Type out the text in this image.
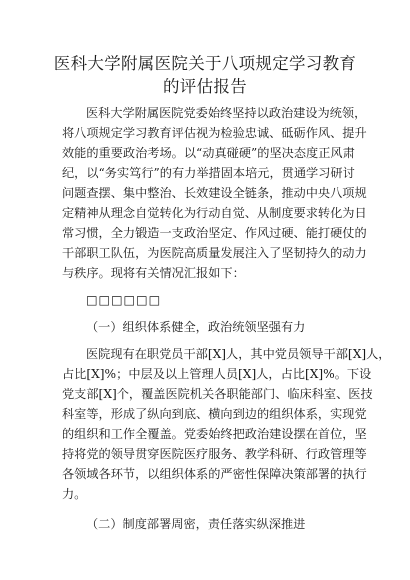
医科大学附属医院关于八项规定学习教育
的评估报告

医科大学附属医院党委始终坚持以政治建设为统领，

将八项规定学习教育评估视为检验忠诚、砥砺作风、提升

效能的重要政治考场。以“动真碰硬”的坚决态度正风肃

纪，以“务实笃行”的有力举措固本培元，贯通学习研讨

问题查摆、集中整治、长效建设全链条，推动中央八项规

定精神从理念自觉转化为行动自觉、从制度要求转化为日

常习惯，全力锻造一支政治坚定、作风过硬、能打硬仗的

干部职工队伍，为医院高质量发展注入了坚韧持久的动力

与秩序。现将有关情况汇报如下：

□□□□□□

（一）组织体系健全，政治统领坚强有力

医院现有在职党员干部[X]人，其中党员领导干部[X]人，

占比[X]%；中层及以上管理人员[X]人，占比[X]%。下设

党支部[X]个，覆盖医院机关各职能部门、临床科室、医技

科室等，形成了纵向到底、横向到边的组织体系，实现党

的组织和工作全覆盖。党委始终把政治建设摆在首位，坚

持将党的领导贯穿医院医疗服务、教学科研、行政管理等

各领域各环节，以组织体系的严密性保障决策部署的执行

力。

（二）制度部署周密，责任落实纵深推进
